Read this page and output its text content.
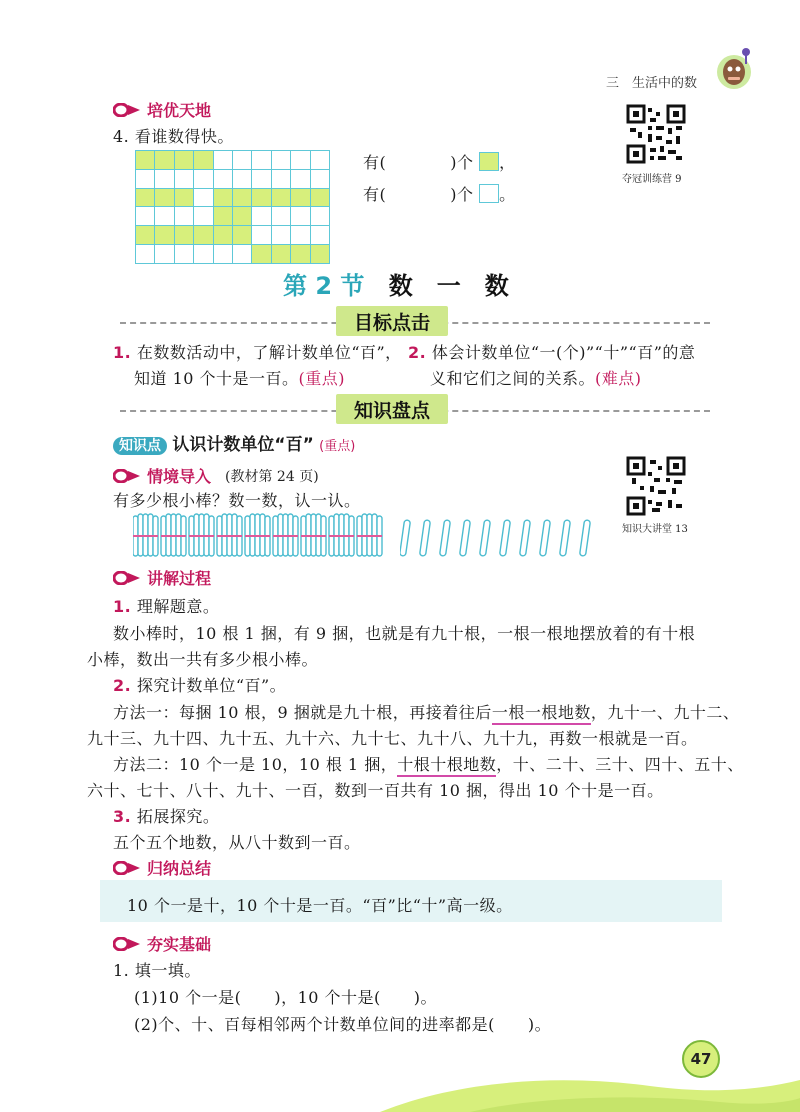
三　生活中的数
培优天地
4. 看谁数得快。

有(	)个 ，
有(	)个 。
夺冠训练营 9
第 2 节 数　一　数
目标点击
1. 在数数活动中，了解计数单位“百”，
知道 10 个十是一百。(重点)
2. 体会计数单位“一(个)”“十”“百”的意
义和它们之间的关系。(难点)
知识盘点
知识点 认识计数单位“百” (重点)
情境导入 (教材第 24 页)
有多少根小棒？数一数，认一认。
知识大讲堂 13
讲解过程
1. 理解题意。
数小棒时，10 根 1 捆，有 9 捆，也就是有九十根，一根一根地摆放着的有十根
小棒，数出一共有多少根小棒。
2. 探究计数单位“百”。
方法一：每捆 10 根，9 捆就是九十根，再接着往后一根一根地数，九十一、九十二、
九十三、九十四、九十五、九十六、九十七、九十八、九十九，再数一根就是一百。
方法二：10 个一是 10，10 根 1 捆，十根十根地数，十、二十、三十、四十、五十、
六十、七十、八十、九十、一百，数到一百共有 10 捆，得出 10 个十是一百。
3. 拓展探究。
五个五个地数，从八十数到一百。
归纳总结
10 个一是十，10 个十是一百。“百”比“十”高一级。
夯实基础
1. 填一填。
(1)10 个一是(　　)，10 个十是(　　)。
(2)个、十、百每相邻两个计数单位间的进率都是(　　)。
47
